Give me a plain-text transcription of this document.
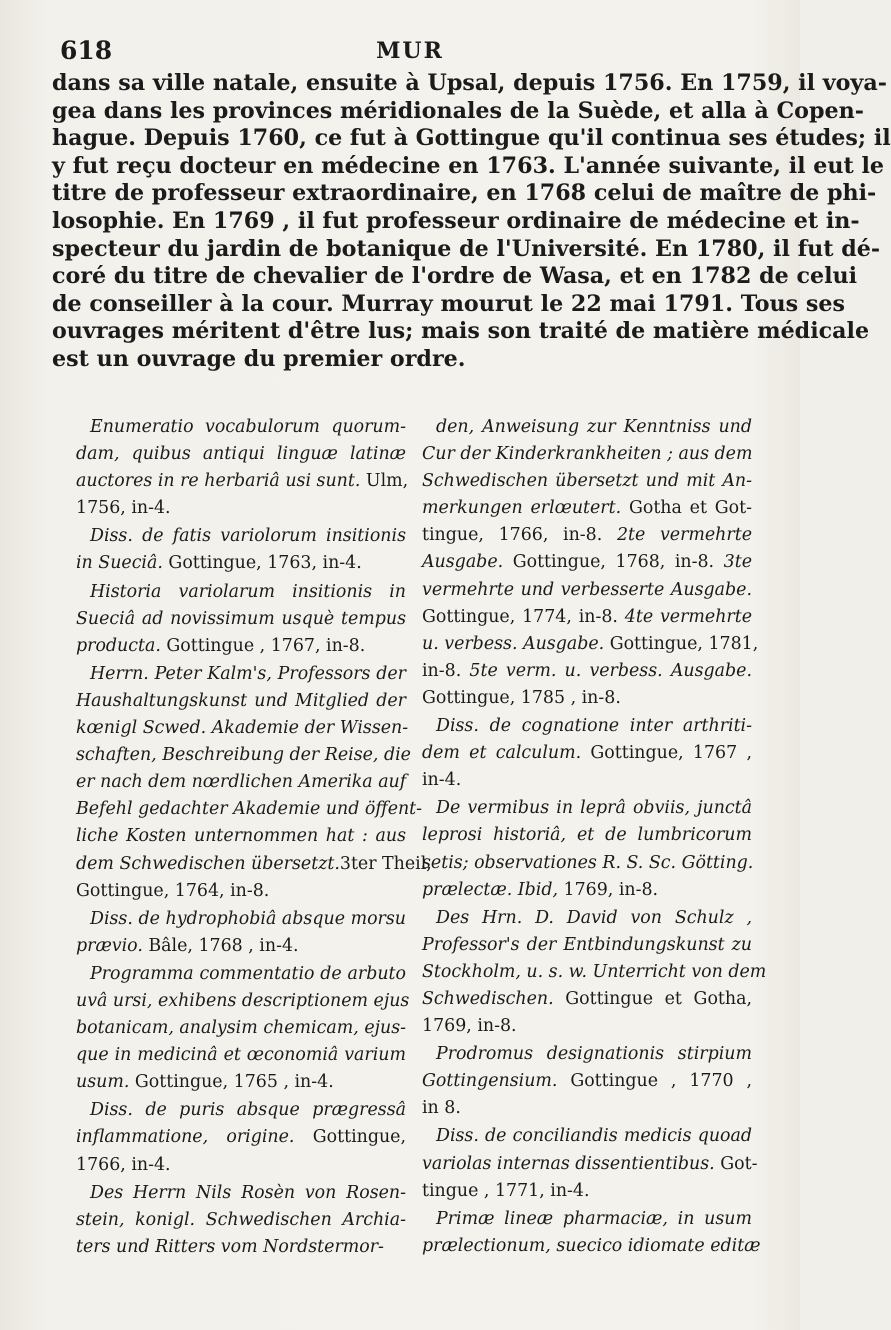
618	MUR
dans sa ville natale, ensuite à Upsal, depuis 1756. En 1759, il voya-
gea dans les provinces méridionales de la Suède, et alla à Copen-
hague. Depuis 1760, ce fut à Gottingue qu'il continua ses études; il
y fut reçu docteur en médecine en 1763. L'année suivante, il eut le
titre de professeur extraordinaire, en 1768 celui de maître de phi-
losophie. En 1769 , il fut professeur ordinaire de médecine et in-
specteur du jardin de botanique de l'Université. En 1780, il fut dé-
coré du titre de chevalier de l'ordre de Wasa, et en 1782 de celui
de conseiller à la cour. Murray mourut le 22 mai 1791. Tous ses
ouvrages méritent d'être lus; mais son traité de matière médicale
est un ouvrage du premier ordre.
Enumeratio vocabulorum quorum-
dam, quibus antiqui linguæ latinæ
auctores in re herbariâ usi sunt. Ulm,
1756, in-4.
Diss. de fatis variolorum insitionis
in Sueciâ. Gottingue, 1763, in-4.
Historia variolarum insitionis in
Sueciâ ad novissimum usquè tempus
producta. Gottingue , 1767, in-8.
Herrn. Peter Kalm's, Professors der
Haushaltungskunst und Mitglied der
kœnigl Scwed. Akademie der Wissen-
schaften, Beschreibung der Reise, die
er nach dem nœrdlichen Amerika auf
Befehl gedachter Akademie und öffent-
liche Kosten unternommen hat : aus
dem Schwedischen übersetzt.3ter Theil,
Gottingue, 1764, in-8.
Diss. de hydrophobiâ absque morsu
prævio. Bâle, 1768 , in-4.
Programma commentatio de arbuto
uvâ ursi, exhibens descriptionem ejus
botanicam, analysim chemicam, ejus-
que in medicinâ et œconomiâ varium
usum. Gottingue, 1765 , in-4.
Diss. de puris absque prægressâ
inflammatione, origine. Gottingue,
1766, in-4.
Des Herrn Nils Rosèn von Rosen-
stein, konigl. Schwedischen Archia-
ters und Ritters vom Nordstermor-
den, Anweisung zur Kenntniss und
Cur der Kinderkrankheiten ; aus dem
Schwedischen übersetzt und mit An-
merkungen erlœutert. Gotha et Got-
tingue, 1766, in-8. 2te vermehrte
Ausgabe. Gottingue, 1768, in-8. 3te
vermehrte und verbesserte Ausgabe.
Gottingue, 1774, in-8. 4te vermehrte
u. verbess. Ausgabe. Gottingue, 1781,
in-8. 5te verm. u. verbess. Ausgabe.
Gottingue, 1785 , in-8.
Diss. de cognatione inter arthriti-
dem et calculum. Gottingue, 1767 ,
in-4.
De vermibus in leprâ obviis, junctâ
leprosi historiâ, et de lumbricorum
setis; observationes R. S. Sc. Götting.
prælectæ. Ibid, 1769, in-8.
Des Hrn. D. David von Schulz ,
Professor's der Entbindungskunst zu
Stockholm, u. s. w. Unterricht von dem
Schwedischen. Gottingue et Gotha,
1769, in-8.
Prodromus designationis stirpium
Gottingensium. Gottingue , 1770 ,
in 8.
Diss. de conciliandis medicis quoad
variolas internas dissentientibus. Got-
tingue , 1771, in-4.
Primæ lineæ pharmaciæ, in usum
prælectionum, suecico idiomate editæ
